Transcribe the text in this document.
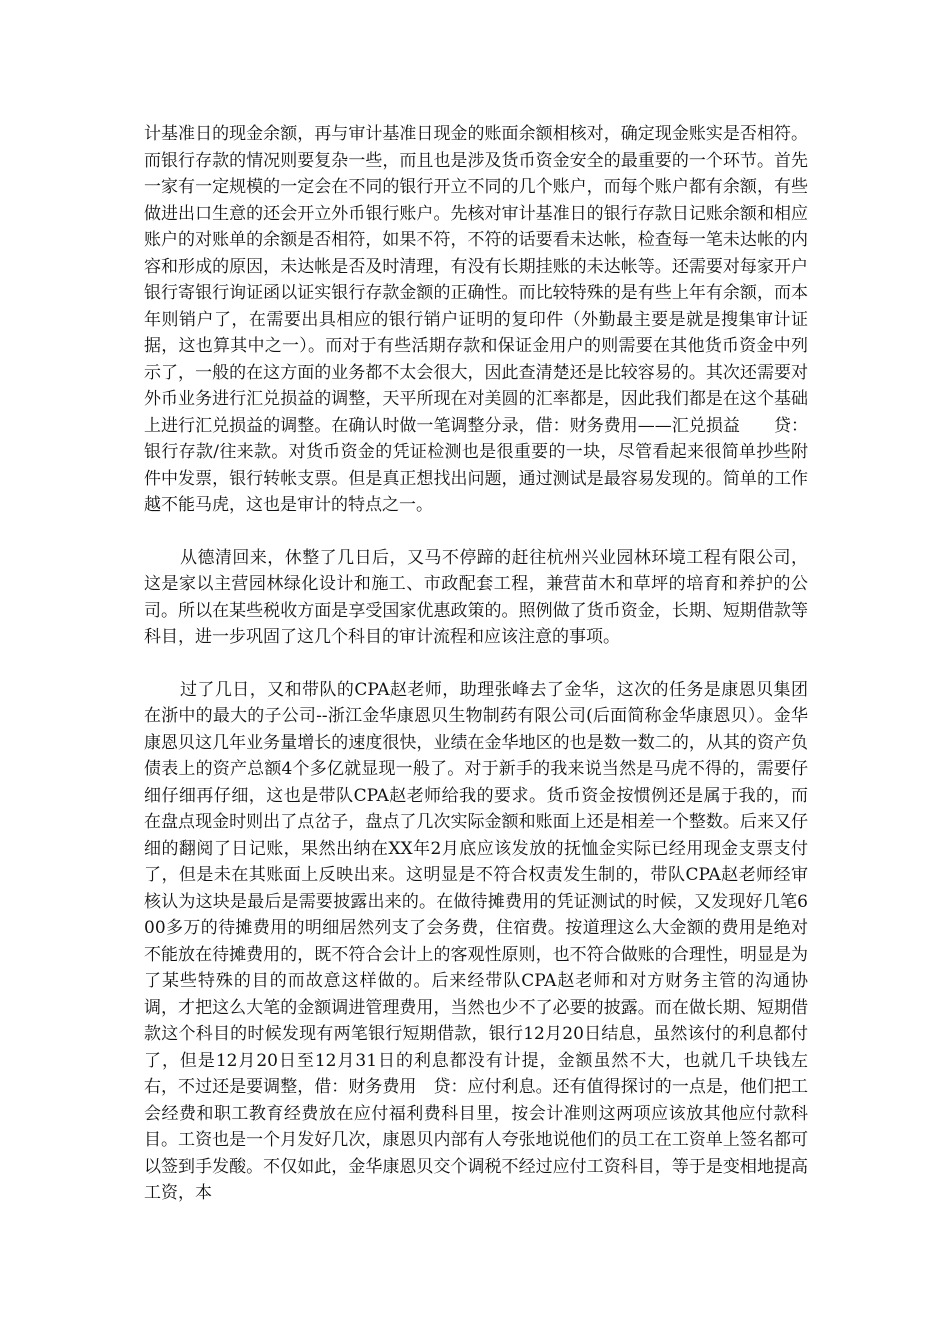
计基准日的现金余额，再与审计基准日现金的账面余额相核对，确定现金账实是否相符。而银行存款的情况则要复杂一些，而且也是涉及货币资金安全的最重要的一个环节。首先一家有一定规模的一定会在不同的银行开立不同的几个账户，而每个账户都有余额，有些做进出口生意的还会开立外币银行账户。先核对审计基准日的银行存款日记账余额和相应账户的对账单的余额是否相符，如果不符，不符的话要看未达帐，检查每一笔未达帐的内容和形成的原因，未达帐是否及时清理，有没有长期挂账的未达帐等。还需要对每家开户银行寄银行询证函以证实银行存款金额的正确性。而比较特殊的是有些上年有余额，而本年则销户了，在需要出具相应的银行销户证明的复印件（外勤最主要是就是搜集审计证据，这也算其中之一）。而对于有些活期存款和保证金用户的则需要在其他货币资金中列示了，一般的在这方面的业务都不太会很大，因此查清楚还是比较容易的。其次还需要对外币业务进行汇兑损益的调整，天平所现在对美圆的汇率都是，因此我们都是在这个基础上进行汇兑损益的调整。在确认时做一笔调整分录，借：财务费用——汇兑损益　　贷：银行存款/往来款。对货币资金的凭证检测也是很重要的一块，尽管看起来很简单抄些附件中发票，银行转帐支票。但是真正想找出问题，通过测试是最容易发现的。简单的工作越不能马虎，这也是审计的特点之一。

从德清回来，休整了几日后，又马不停蹄的赶往杭州兴业园林环境工程有限公司，这是家以主营园林绿化设计和施工、市政配套工程，兼营苗木和草坪的培育和养护的公司。所以在某些税收方面是享受国家优惠政策的。照例做了货币资金，长期、短期借款等科目，进一步巩固了这几个科目的审计流程和应该注意的事项。

过了几日，又和带队的CPA赵老师，助理张峰去了金华，这次的任务是康恩贝集团在浙中的最大的子公司--浙江金华康恩贝生物制药有限公司(后面简称金华康恩贝）。金华康恩贝这几年业务量增长的速度很快，业绩在金华地区的也是数一数二的，从其的资产负债表上的资产总额4个多亿就显现一般了。对于新手的我来说当然是马虎不得的，需要仔细仔细再仔细，这也是带队CPA赵老师给我的要求。货币资金按惯例还是属于我的，而在盘点现金时则出了点岔子，盘点了几次实际金额和账面上还是相差一个整数。后来又仔细的翻阅了日记账，果然出纳在XX年2月底应该发放的抚恤金实际已经用现金支票支付了，但是未在其账面上反映出来。这明显是不符合权责发生制的，带队CPA赵老师经审核认为这块是最后是需要披露出来的。在做待摊费用的凭证测试的时候，又发现好几笔600多万的待摊费用的明细居然列支了会务费，住宿费。按道理这么大金额的费用是绝对不能放在待摊费用的，既不符合会计上的客观性原则，也不符合做账的合理性，明显是为了某些特殊的目的而故意这样做的。后来经带队CPA赵老师和对方财务主管的沟通协调，才把这么大笔的金额调进管理费用，当然也少不了必要的披露。而在做长期、短期借款这个科目的时候发现有两笔银行短期借款，银行12月20日结息，虽然该付的利息都付了，但是12月20日至12月31日的利息都没有计提，金额虽然不大，也就几千块钱左右，不过还是要调整，借：财务费用　贷：应付利息。还有值得探讨的一点是，他们把工会经费和职工教育经费放在应付福利费科目里，按会计准则这两项应该放其他应付款科目。工资也是一个月发好几次，康恩贝内部有人夸张地说他们的员工在工资单上签名都可以签到手发酸。不仅如此，金华康恩贝交个调税不经过应付工资科目，等于是变相地提高工资，本
